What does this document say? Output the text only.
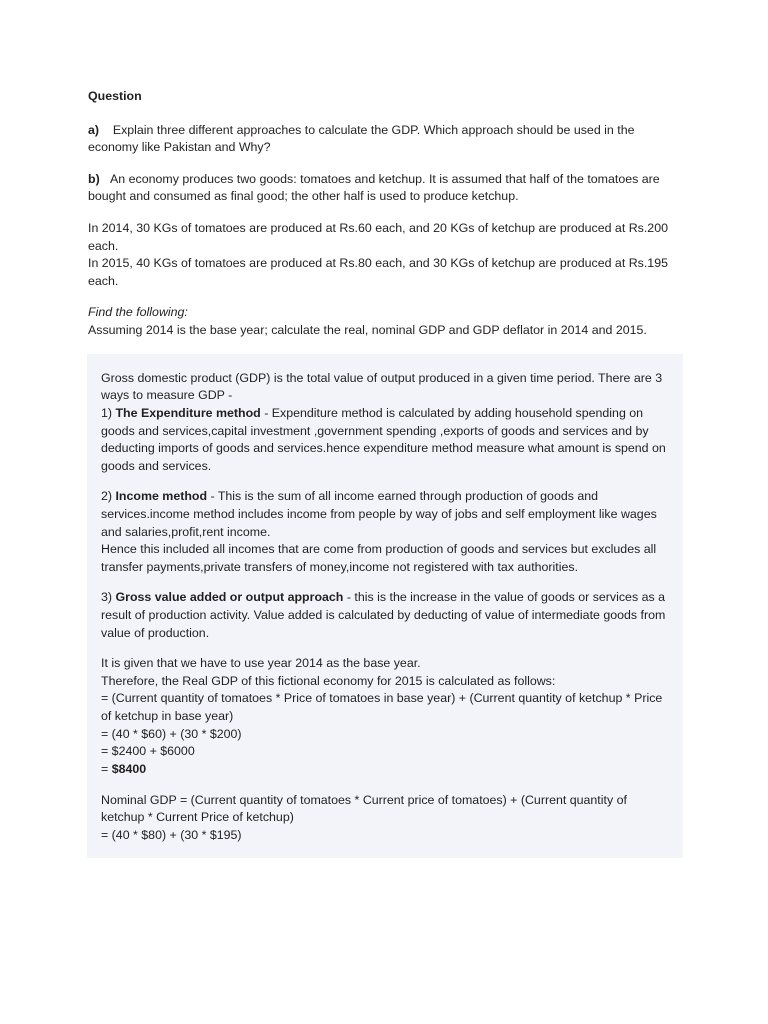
Question

a) Explain three different approaches to calculate the GDP. Which approach should be used in the economy like Pakistan and Why?

b) An economy produces two goods: tomatoes and ketchup. It is assumed that half of the tomatoes are bought and consumed as final good; the other half is used to produce ketchup.

In 2014, 30 KGs of tomatoes are produced at Rs.60 each, and 20 KGs of ketchup are produced at Rs.200 each.

In 2015, 40 KGs of tomatoes are produced at Rs.80 each, and 30 KGs of ketchup are produced at Rs.195 each.

Find the following:

Assuming 2014 is the base year; calculate the real, nominal GDP and GDP deflator in 2014 and 2015.

Gross domestic product (GDP) is the total value of output produced in a given time period. There are 3 ways to measure GDP -

1) The Expenditure method - Expenditure method is calculated by adding household spending on goods and services,capital investment ,government spending ,exports of goods and services and by deducting imports of goods and services.hence expenditure method measure what amount is spend on goods and services.

2) Income method - This is the sum of all income earned through production of goods and services.income method includes income from people by way of jobs and self employment like wages and salaries,profit,rent income.

Hence this included all incomes that are come from production of goods and services but excludes all transfer payments,private transfers of money,income not registered with tax authorities.

3) Gross value added or output approach - this is the increase in the value of goods or services as a result of production activity. Value added is calculated by deducting of value of intermediate goods from value of production.

It is given that we have to use year 2014 as the base year.

Therefore, the Real GDP of this fictional economy for 2015 is calculated as follows:

= (Current quantity of tomatoes * Price of tomatoes in base year) + (Current quantity of ketchup * Price of ketchup in base year)

= (40 * $60) + (30 * $200)

= $2400 + $6000

= $8400

Nominal GDP = (Current quantity of tomatoes * Current price of tomatoes) + (Current quantity of ketchup * Current Price of ketchup)

= (40 * $80) + (30 * $195)
